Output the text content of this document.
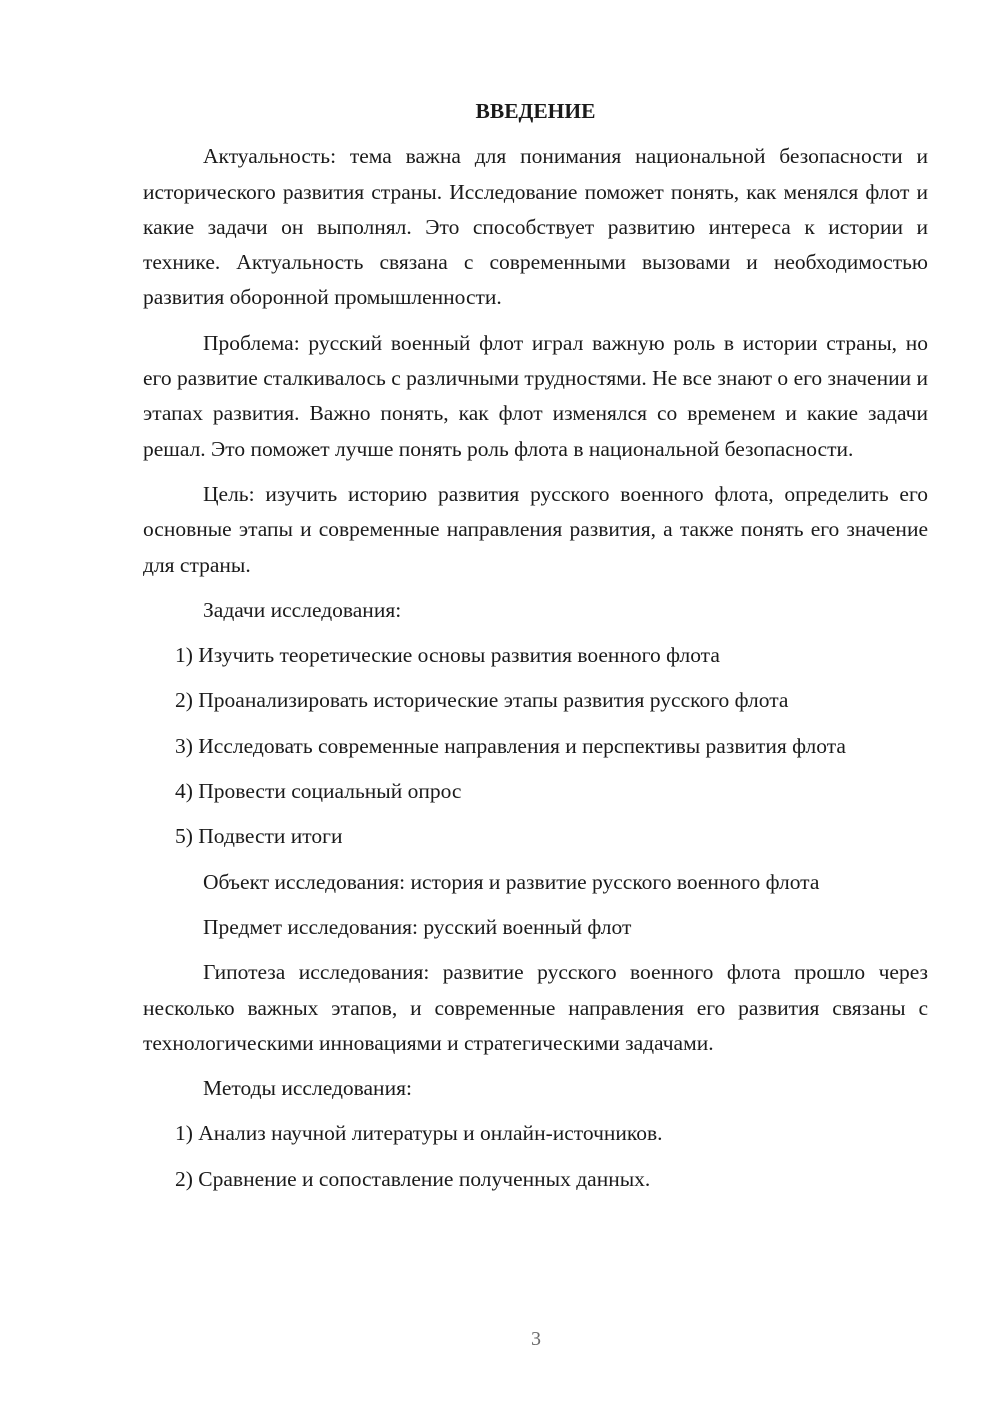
ВВЕДЕНИЕ

Актуальность: тема важна для понимания национальной безопасности и исторического развития страны. Исследование поможет понять, как менялся флот и какие задачи он выполнял. Это способствует развитию интереса к истории и технике. Актуальность связана с современными вызовами и необходимостью развития оборонной промышленности.

Проблема: русский военный флот играл важную роль в истории страны, но его развитие сталкивалось с различными трудностями. Не все знают о его значении и этапах развития. Важно понять, как флот изменялся со временем и какие задачи решал. Это поможет лучше понять роль флота в национальной безопасности.

Цель: изучить историю развития русского военного флота, определить его основные этапы и современные направления развития, а также понять его значение для страны.

Задачи исследования:

1) Изучить теоретические основы развития военного флота

2) Проанализировать исторические этапы развития русского флота

3) Исследовать современные направления и перспективы развития флота

4) Провести социальный опрос

5) Подвести итоги

Объект исследования: история и развитие русского военного флота

Предмет исследования: русский военный флот

Гипотеза исследования: развитие русского военного флота прошло через несколько важных этапов, и современные направления его развития связаны с технологическими инновациями и стратегическими задачами.

Методы исследования:

1) Анализ научной литературы и онлайн-источников.

2) Сравнение и сопоставление полученных данных.

3
